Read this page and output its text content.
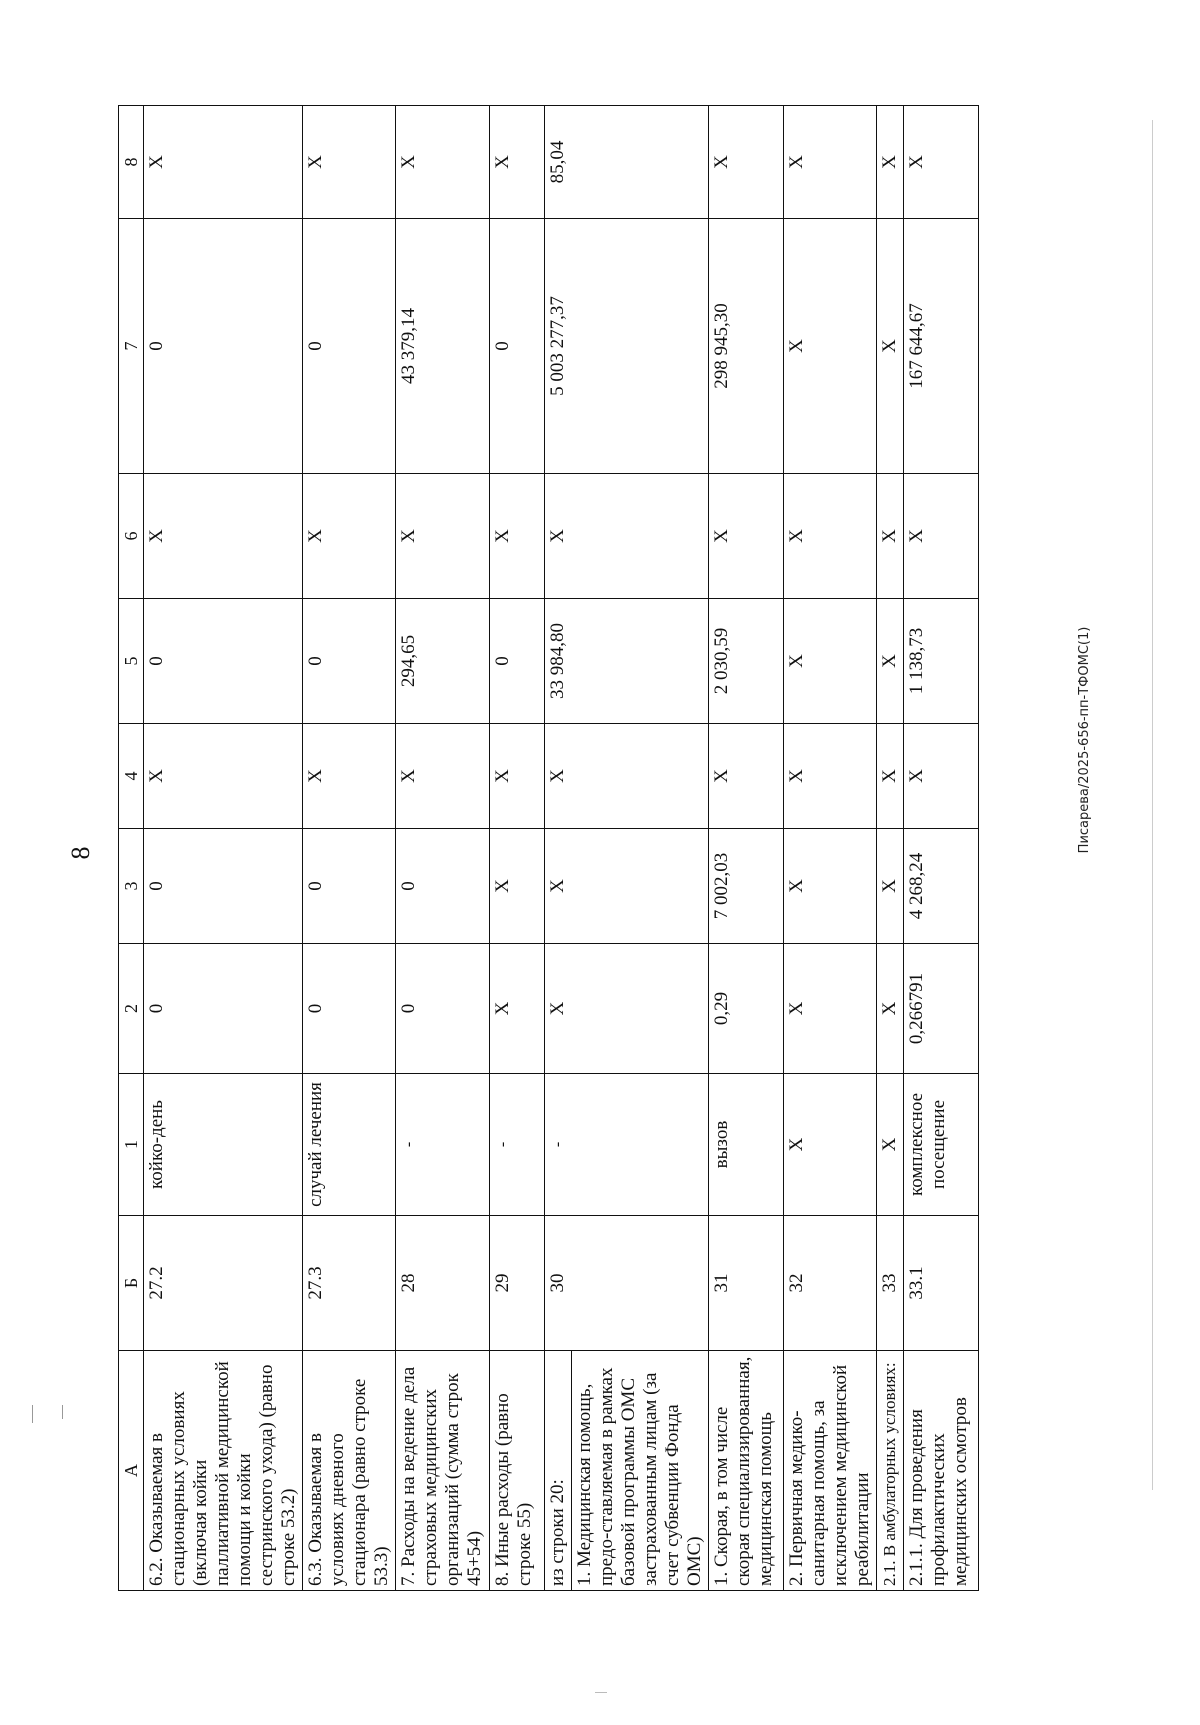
8
А	Б	1	2	3	4	5	6	7	8
6.2. Оказываемая в стационарных условиях (включая койки паллиативной медицинской помощи и койки сестринского ухода) (равно строке 53.2)	27.2	койко-день	0	0	Х	0	Х	0	Х
6.3. Оказываемая в условиях дневного стационара (равно строке 53.3)	27.3	случай лечения	0	0	Х	0	Х	0	Х
7. Расходы на ведение дела страховых медицинских организаций (сумма строк 45+54)	28	-	0	0	Х	294,65	Х	43 379,14	Х
8. Иные расходы (равно строке 55)	29	-	Х	Х	Х	0	Х	0	Х

из строки 20: 1. Медицинская помощь, предо-ставляемая в рамках базовой программы ОМС застрахованным лицам (за счет субвенции Фонда ОМС)	30	-	Х	Х	Х	33 984,80	Х	5 003 277,37	85,04
1. Скорая, в том числе скорая специализированная, медицинская помощь	31	вызов	0,29	7 002,03	Х	2 030,59	Х	298 945,30	Х
2. Первичная медико-санитарная помощь, за исключением медицинской реабилитации	32	Х	Х	Х	Х	Х	Х	Х	Х
2.1. В амбулаторных условиях:	33	Х	Х	Х	Х	Х	Х	Х	Х
2.1.1. Для проведения профилактических медицинских осмотров	33.1	комплексное посещение	0,266791	4 268,24	Х	1 138,73	Х	167 644,67	Х
Писарева/2025-656-пп-ТФОМС(1)
